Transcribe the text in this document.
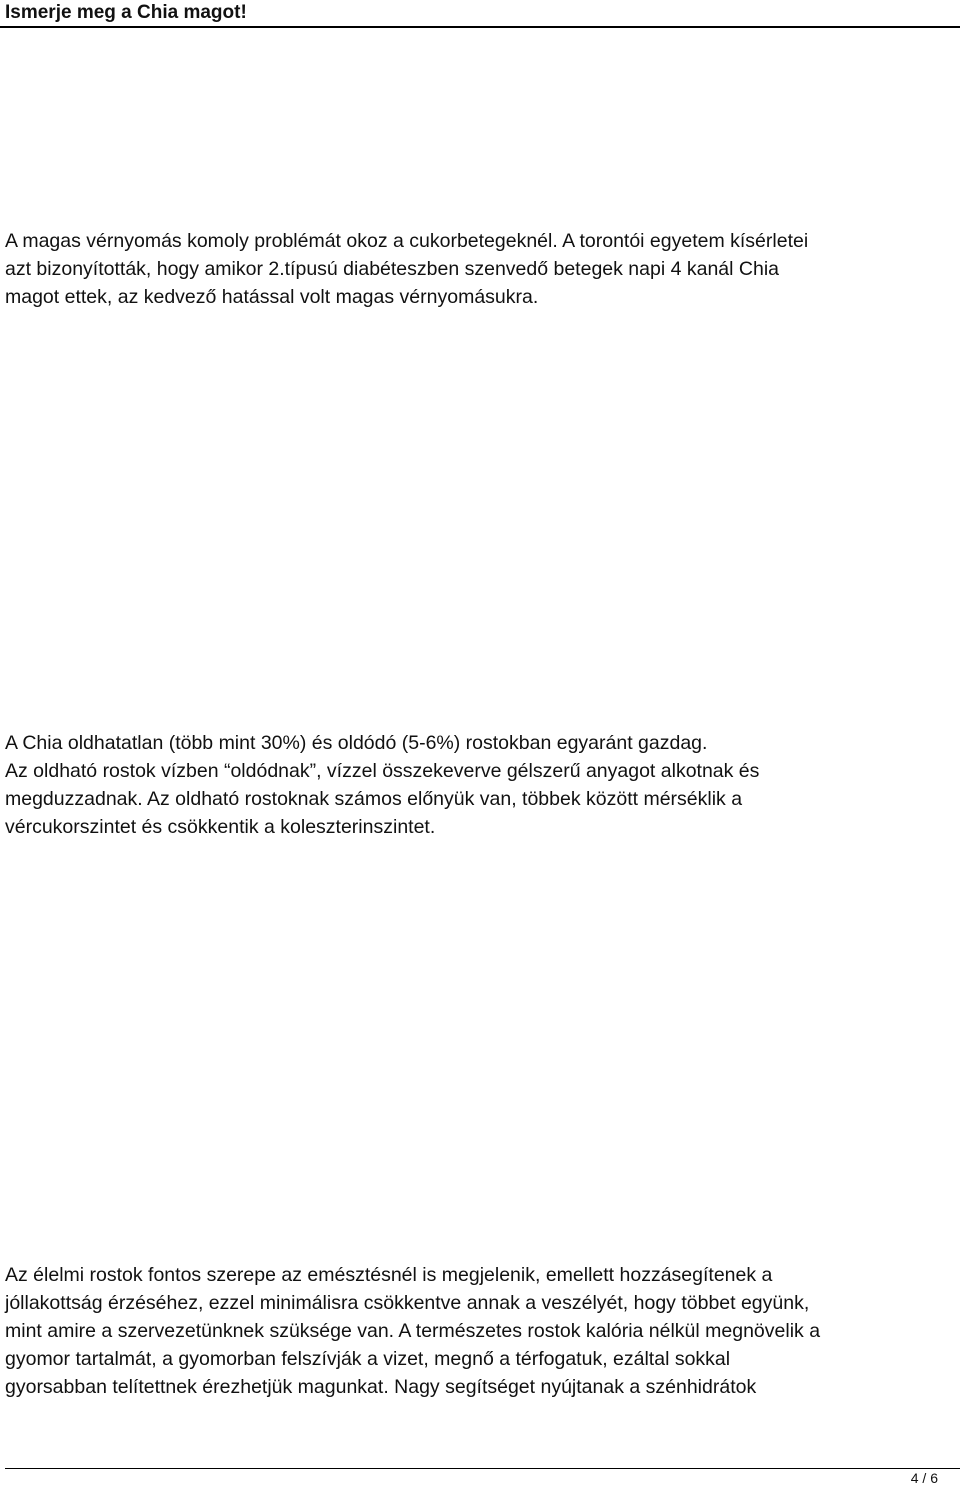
Ismerje meg a Chia magot!

A magas vérnyomás komoly problémát okoz a cukorbetegeknél. A torontói egyetem kísérletei
azt bizonyították, hogy amikor 2.típusú diabéteszben szenvedő betegek napi 4 kanál Chia
magot ettek, az kedvező hatással volt magas vérnyomásukra.

A Chia oldhatatlan (több mint 30%) és oldódó (5-6%) rostokban egyaránt gazdag.
Az oldható rostok vízben “oldódnak”, vízzel összekeverve gélszerű anyagot alkotnak és
megduzzadnak. Az oldható rostoknak számos előnyük van, többek között mérséklik a
vércukorszintet és csökkentik a koleszterinszintet.

Az élelmi rostok fontos szerepe az emésztésnél is megjelenik, emellett hozzásegítenek a
jóllakottság érzéséhez, ezzel minimálisra csökkentve annak a veszélyét, hogy többet együnk,
mint amire a szervezetünknek szüksége van. A természetes rostok kalória nélkül megnövelik a
gyomor tartalmát, a gyomorban felszívják a vizet, megnő a térfogatuk, ezáltal sokkal
gyorsabban telítettnek érezhetjük magunkat. Nagy segítséget nyújtanak a szénhidrátok

4 / 6
